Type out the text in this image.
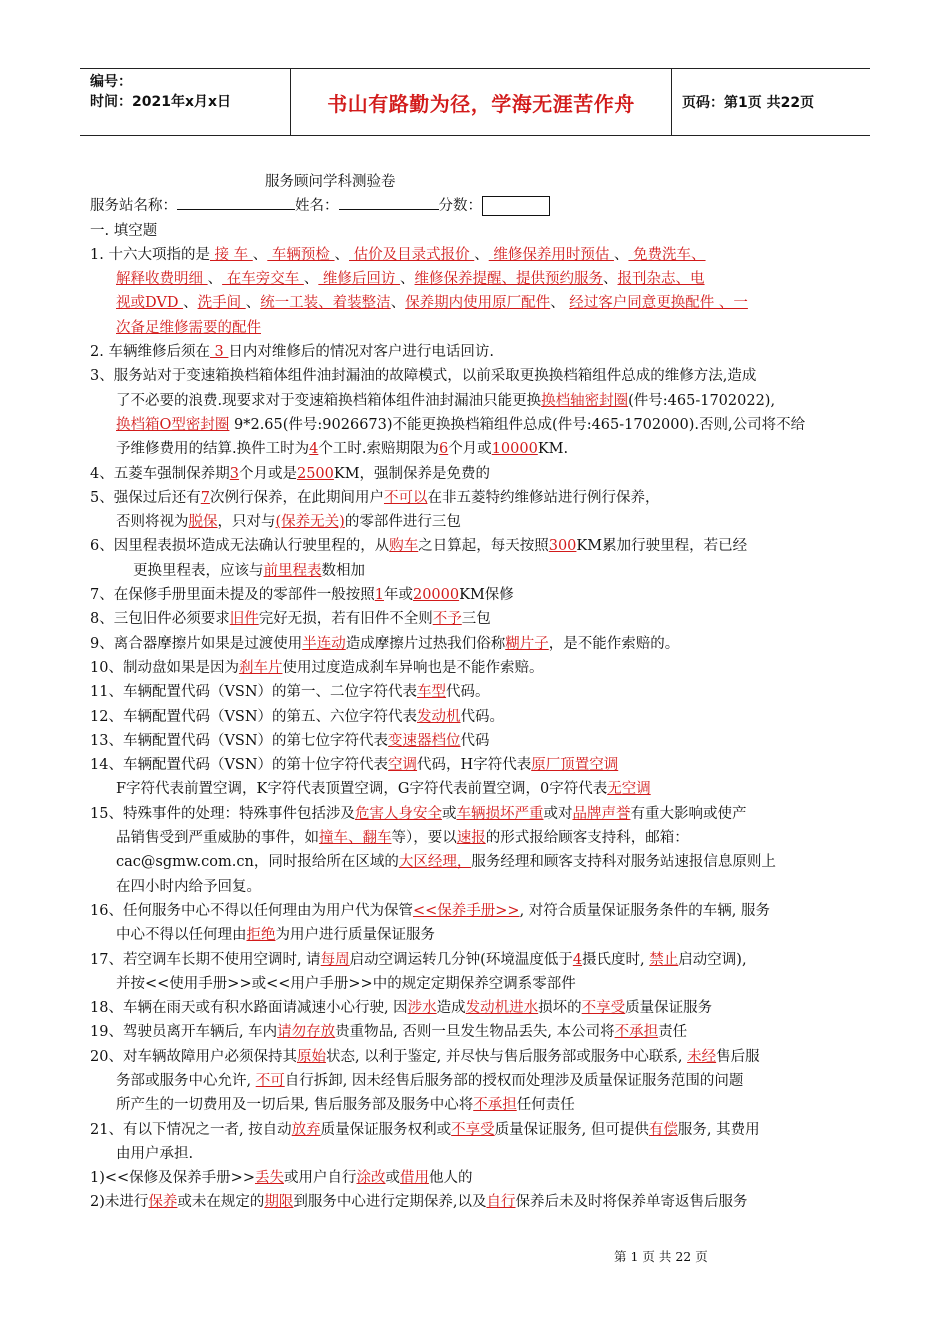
编号：
时间：2021年x月x日	书山有路勤为径，学海无涯苦作舟	页码：第1页 共22页
服务顾问学科测验卷
服务站名称：	姓名：	分数：
一. 填空题
1. 十六大项指的是 接 车 、 车辆预检 、 估价及目录式报价 、 维修保养用时预估 、 免费洗车、
解释收费明细 、 在车旁交车 、 维修后回访 、维修保养提醒、提供预约服务、报刊杂志、电
视或DVD 、洗手间 、统一工装、着装整洁、保养期内使用原厂配件、 经过客户同意更换配件 、一
次备足维修需要的配件
2. 车辆维修后须在 3 日内对维修后的情况对客户进行电话回访.
3、服务站对于变速箱换档箱体组件油封漏油的故障模式，以前采取更换换档箱组件总成的维修方法,造成
了不必要的浪费.现要求对于变速箱换档箱体组件油封漏油只能更换换档轴密封圈(件号:465-1702022),
换档箱O型密封圈 9*2.65(件号:9026673)不能更换换档箱组件总成(件号:465-1702000).否则,公司将不给
予维修费用的结算.换件工时为4个工时.索赔期限为6个月或10000KM.
4、五菱车强制保养期3个月或是2500KM，强制保养是免费的
5、强保过后还有7次例行保养，在此期间用户不可以在非五菱特约维修站进行例行保养，
否则将视为脱保，只对与(保养无关)的零部件进行三包
6、因里程表损坏造成无法确认行驶里程的，从购车之日算起，每天按照300KM累加行驶里程，若已经
更换里程表，应该与前里程表数相加
7、在保修手册里面未提及的零部件一般按照1年或20000KM保修
8、三包旧件必须要求旧件完好无损，若有旧件不全则不予三包
9、离合器摩擦片如果是过渡使用半连动造成摩擦片过热我们俗称糊片子，是不能作索赔的。
10、制动盘如果是因为刹车片使用过度造成刹车异响也是不能作索赔。
11、车辆配置代码（VSN）的第一、二位字符代表车型代码。
12、车辆配置代码（VSN）的第五、六位字符代表发动机代码。
13、车辆配置代码（VSN）的第七位字符代表变速器档位代码
14、车辆配置代码（VSN）的第十位字符代表空调代码，H字符代表原厂顶置空调
F字符代表前置空调，K字符代表顶置空调，G字符代表前置空调，0字符代表无空调
15、特殊事件的处理：特殊事件包括涉及危害人身安全或车辆损坏严重或对品牌声誉有重大影响或使产
品销售受到严重威胁的事件，如撞车、翻车等），要以速报的形式报给顾客支持科，邮箱：
cac@sgmw.com.cn，同时报给所在区域的大区经理，服务经理和顾客支持科对服务站速报信息原则上
在四小时内给予回复。
16、任何服务中心不得以任何理由为用户代为保管<<保养手册>>, 对符合质量保证服务条件的车辆, 服务
中心不得以任何理由拒绝为用户进行质量保证服务
17、若空调车长期不使用空调时, 请每周启动空调运转几分钟(环境温度低于4摄氏度时, 禁止启动空调),
并按<<使用手册>>或<<用户手册>>中的规定定期保养空调系零部件
18、车辆在雨天或有积水路面请减速小心行驶, 因涉水造成发动机进水损坏的不享受质量保证服务
19、驾驶员离开车辆后, 车内请勿存放贵重物品, 否则一旦发生物品丢失, 本公司将不承担责任
20、对车辆故障用户必须保持其原始状态, 以利于鉴定, 并尽快与售后服务部或服务中心联系, 未经售后服
务部或服务中心允许, 不可自行拆卸, 因未经售后服务部的授权而处理涉及质量保证服务范围的问题
所产生的一切费用及一切后果, 售后服务部及服务中心将不承担任何责任
21、有以下情况之一者, 按自动放弃质量保证服务权利或不享受质量保证服务, 但可提供有偿服务, 其费用
由用户承担.
1)<<保修及保养手册>>丢失或用户自行涂改或借用他人的
2)未进行保养或未在规定的期限到服务中心进行定期保养,以及自行保养后未及时将保养单寄返售后服务
第 1 页 共 22 页
